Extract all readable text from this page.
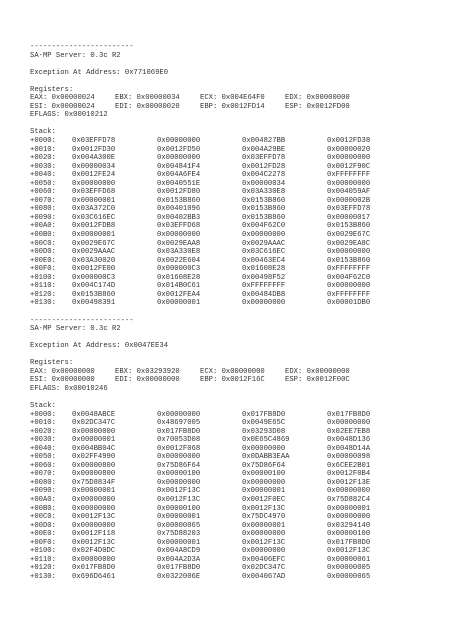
------------------------
SA-MP Server: 0.3c R2
Exception At Address: 0x771069E0
Registers:
EAX: 0x00000024	EBX: 0x00000034	ECX: 0x004E64F0	EDX: 0x00000000
ESI: 0x00000024	EDI: 0x00000020	EBP: 0x0012FD14	ESP: 0x0012FD00
EFLAGS: 0x00010212
Stack:
+0000:	0x03EFFD78	0x00000000	0x004827BB	0x0012FD38
+0010:	0x0012FD30	0x0012FD50	0x004A29BE	0x00000020
+0020:	0x004A300E	0x00000000	0x03EFFD78	0x00000000
+0030:	0x00000034	0x004841F4	0x0012FD28	0x0012F90C
+0040:	0x0012FE24	0x004A6FE4	0x004C2278	0xFFFFFFFF
+0050:	0x00000000	0x0040551E	0x00000034	0x00000000
+0060:	0x03EFFD68	0x0012FD80	0x03A330E8	0x004059AF
+0070:	0x00000001	0x0153B860	0x0153B860	0x0000002B
+0080:	0x03A372C0	0x00401096	0x0153B860	0x03EFFD78
+0090:	0x03C616EC	0x00402BB3	0x0153B860	0x00000017
+00A0:	0x0012FDB8	0x03EFFD68	0x004F62C0	0x0153B860
+00B0:	0x00000001	0x00000000	0x00000000	0x0029E67C
+00C0:	0x0029E67C	0x0029EAA8	0x0029AAAC	0x0029EA8C
+00D0:	0x0029AAAC	0x03A330E8	0x03C616EC	0x00000000
+00E0:	0x03A30020	0x0022E604	0x00463EC4	0x0153B860
+00F0:	0x0012FE00	0x000000C3	0x01608E28	0xFFFFFFFF
+0100:	0x000000C3	0x01608E28	0x00498F52	0x004F62C0
+0110:	0x004C174D	0x014B0C61	0xFFFFFFFF	0x00000000
+0120:	0x0153B860	0x0012FEA4	0x00484DB8	0xFFFFFFFF
+0130:	0x00498391	0x00000001	0x00000000	0x00001DB0
------------------------
SA-MP Server: 0.3c R2
Exception At Address: 0x0047EE34
Registers:
EAX: 0x00000000	EBX: 0x03293920	ECX: 0x00000000	EDX: 0x00000000
ESI: 0x00000000	EDI: 0x00000000	EBP: 0x0012F16C	ESP: 0x0012F00C
EFLAGS: 0x00010246
Stack:
+0000:	0x0048ABCE	0x00000000	0x017FB8D0	0x017FB8D0
+0010:	0x02DC347C	0x48697005	0x0049E65C	0x00000000
+0020:	0x00000000	0x017FB8D0	0x03293D08	0x02EE7EB8
+0030:	0x00000001	0x70053D08	0x0E65C4869	0x0048D136
+0040:	0x004BB04C	0x0012F068	0x00000000	0x0048D14A
+0050:	0x02FF4990	0x00000000	0x0DABB3EAA	0x00000098
+0060:	0x00000800	0x75D86F64	0x75D86F64	0x6CEE2B01
+0070:	0x00000800	0x00000100	0x00000100	0x0012F0B4
+0080:	0x75D8834F	0x00000000	0x00000000	0x0012F13E
+0090:	0x00000001	0x0012F13C	0x00000001	0x00000000
+00A0:	0x00000000	0x0012F13C	0x0012F0EC	0x75D882C4
+00B0:	0x00000000	0x00000100	0x0012F13C	0x00000001
+00C0:	0x0012F13C	0x00000001	0x75DC4970	0x00000000
+00D0:	0x00000000	0x00000065	0x00000001	0x03294140
+00E0:	0x0012F118	0x75D88203	0x00000000	0x00000100
+00F0:	0x0012F13C	0x00000001	0x0012F13C	0x017FB8D0
+0100:	0x02F4D0DC	0x004A8CD9	0x00000000	0x0012F13C
+0110:	0x00000000	0x004A2D3A	0x00406EFC	0x00000061
+0120:	0x017FB8D0	0x017FB8D0	0x02DC347C	0x00000005
+0130:	0x696D6461	0x0322006E	0x004067AD	0x00000065
